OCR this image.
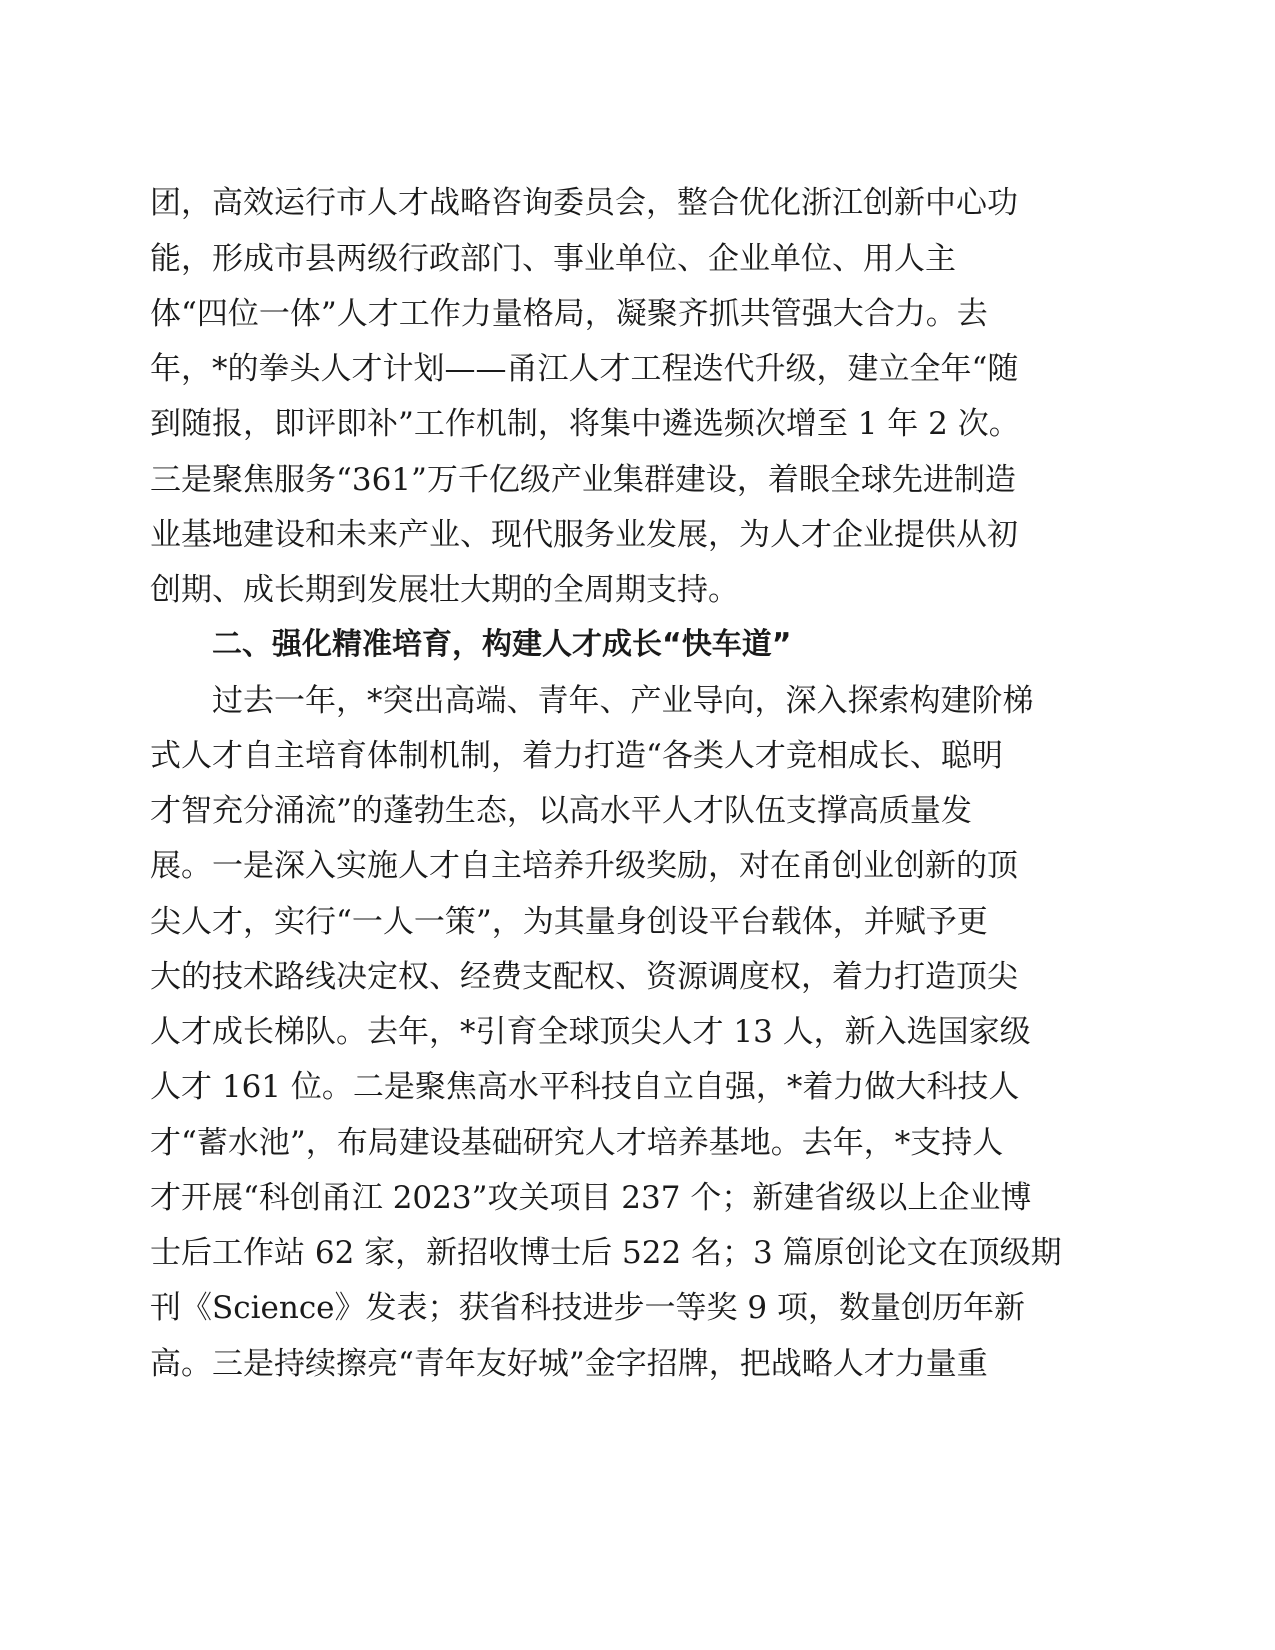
团，高效运行市人才战略咨询委员会，整合优化浙江创新中心功
能，形成市县两级行政部门、事业单位、企业单位、用人主
体“四位一体”人才工作力量格局，凝聚齐抓共管强大合力。去
年，*的拳头人才计划——甬江人才工程迭代升级，建立全年“随
到随报，即评即补”工作机制，将集中遴选频次增至 1 年 2 次。
三是聚焦服务“361”万千亿级产业集群建设，着眼全球先进制造
业基地建设和未来产业、现代服务业发展，为人才企业提供从初
创期、成长期到发展壮大期的全周期支持。
二、强化精准培育，构建人才成长“快车道”
过去一年，*突出高端、青年、产业导向，深入探索构建阶梯
式人才自主培育体制机制，着力打造“各类人才竞相成长、聪明
才智充分涌流”的蓬勃生态，以高水平人才队伍支撑高质量发
展。一是深入实施人才自主培养升级奖励，对在甬创业创新的顶
尖人才，实行“一人一策”，为其量身创设平台载体，并赋予更
大的技术路线决定权、经费支配权、资源调度权，着力打造顶尖
人才成长梯队。去年，*引育全球顶尖人才 13 人，新入选国家级
人才 161 位。二是聚焦高水平科技自立自强，*着力做大科技人
才“蓄水池”，布局建设基础研究人才培养基地。去年，*支持人
才开展“科创甬江 2023”攻关项目 237 个；新建省级以上企业博
士后工作站 62 家，新招收博士后 522 名；3 篇原创论文在顶级期
刊《Science》发表；获省科技进步一等奖 9 项，数量创历年新
高。三是持续擦亮“青年友好城”金字招牌，把战略人才力量重
